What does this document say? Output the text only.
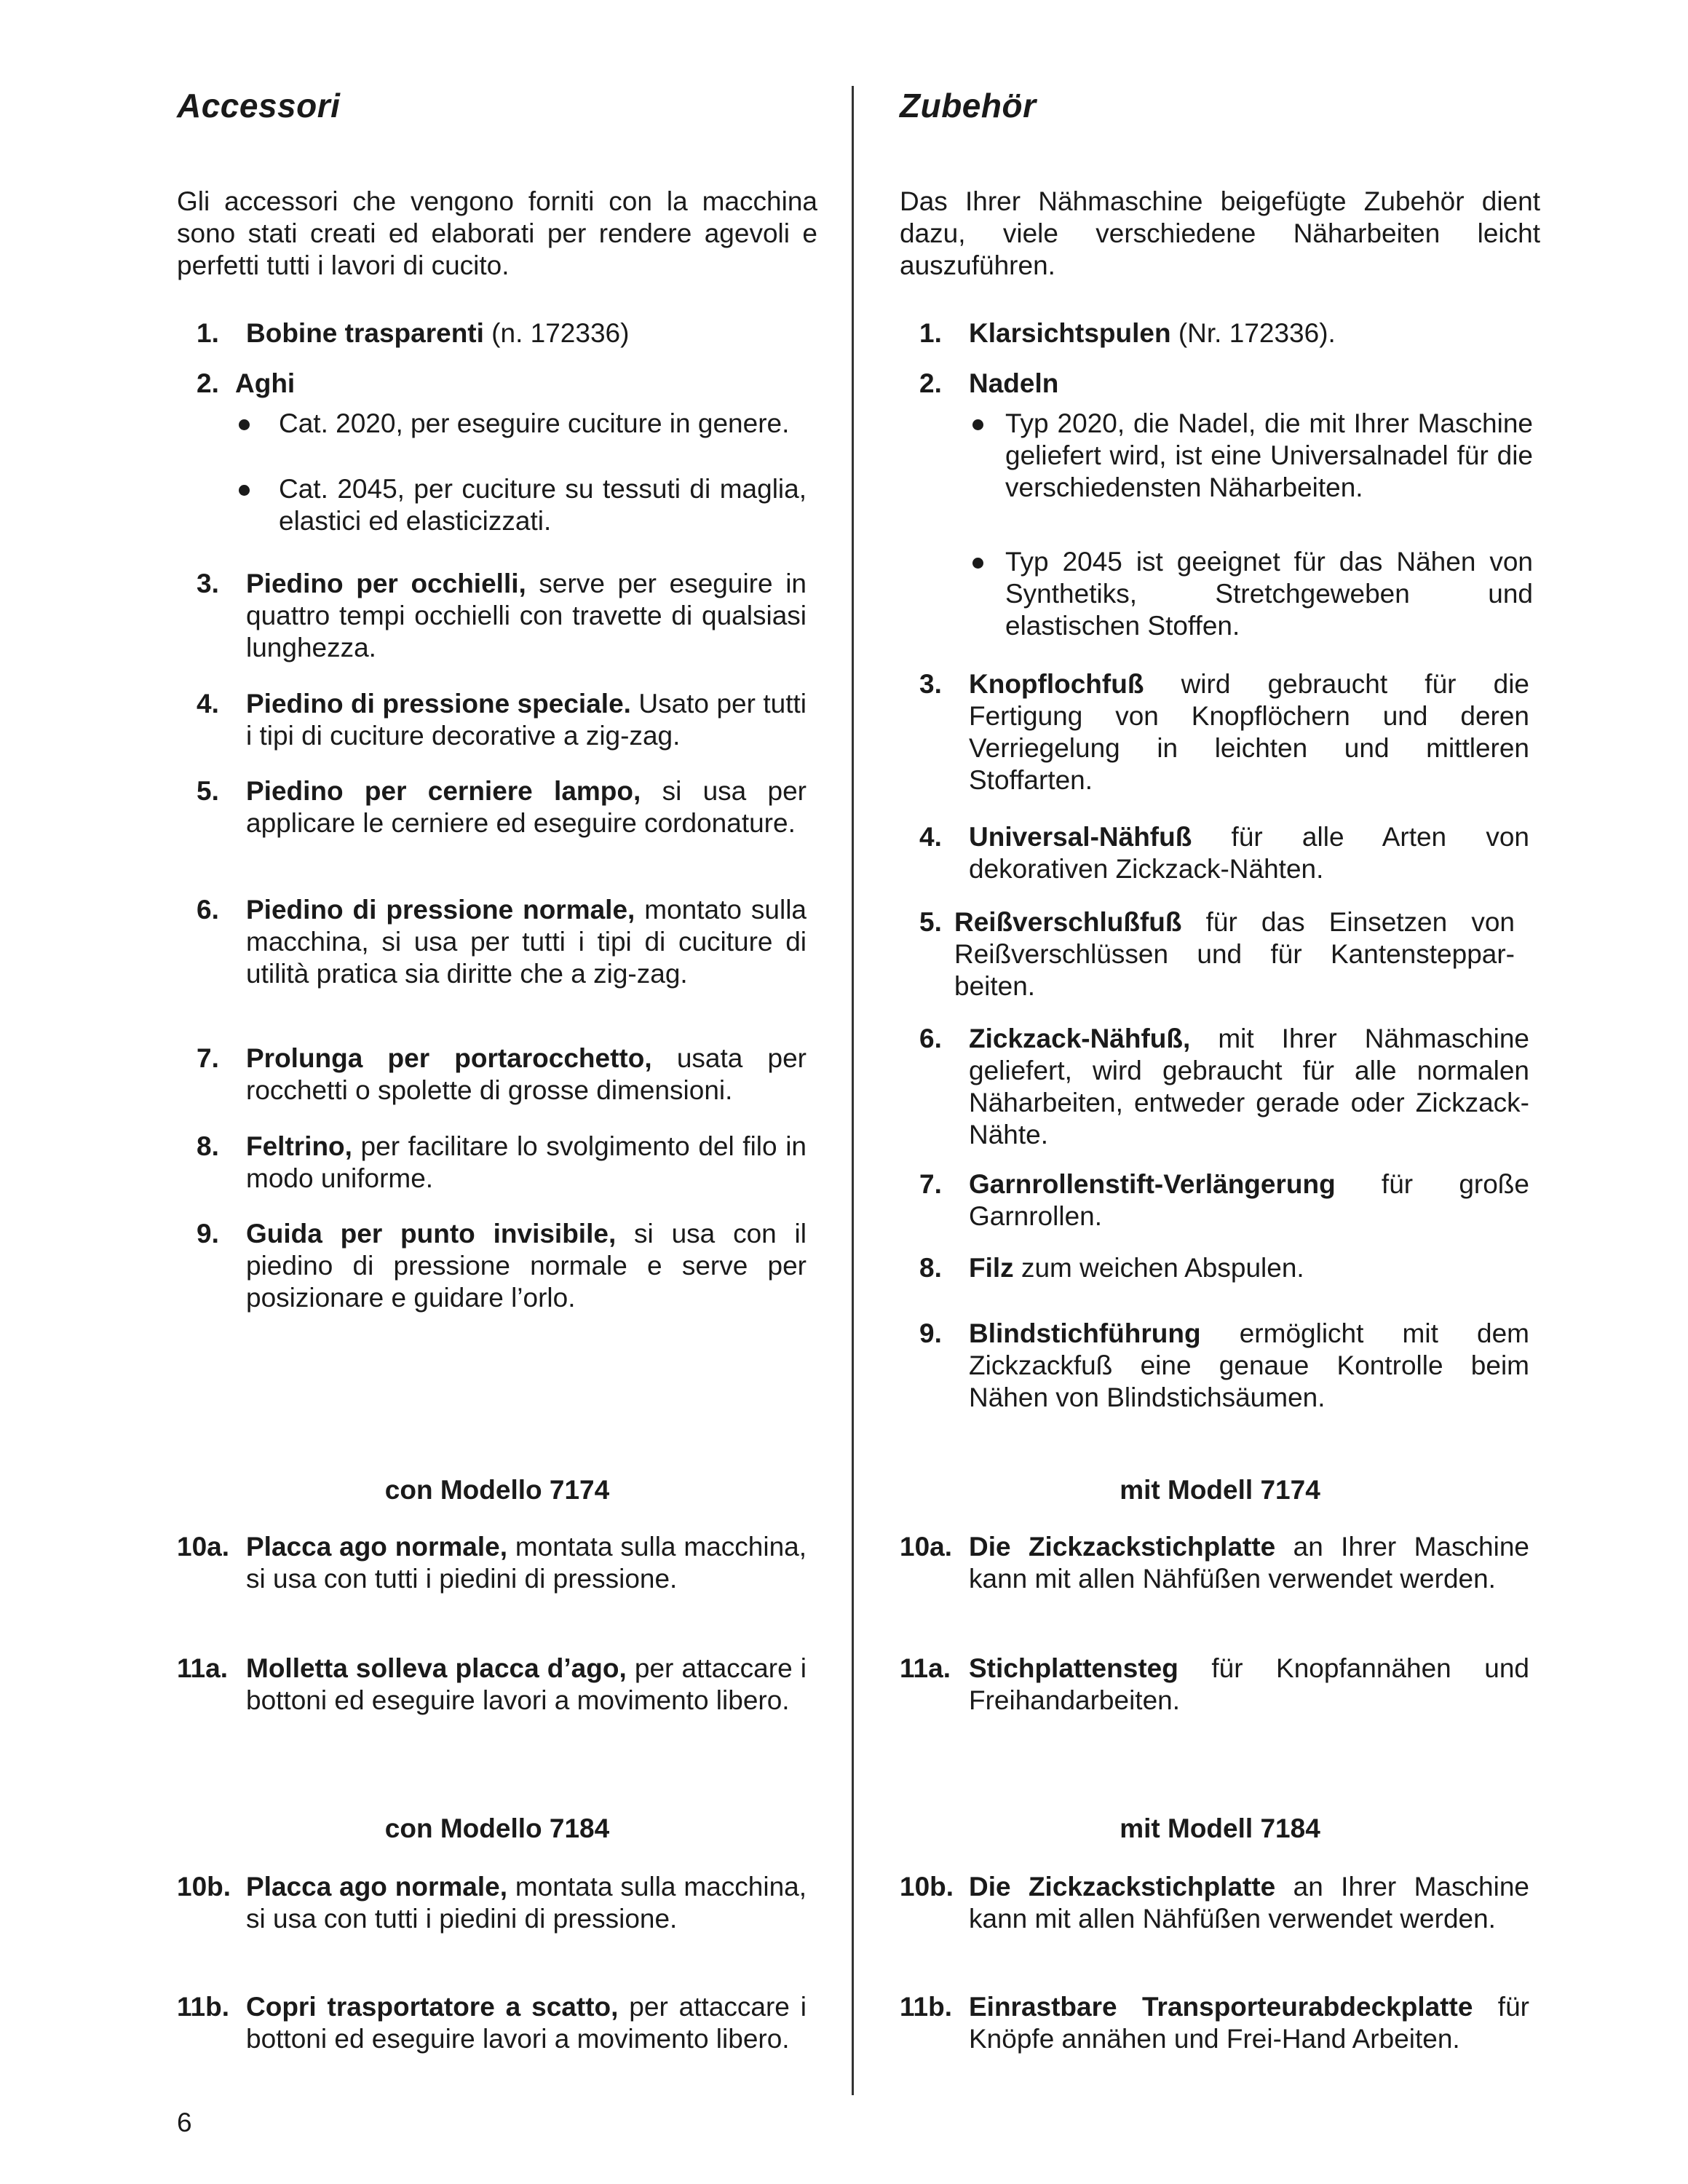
Accessori
Gli accessori che vengono forniti con la macchina sono stati creati ed elaborati per rendere agevoli e perfetti tutti i lavori di cucito.
1. Bobine trasparenti (n. 172336)
2. Aghi
Cat. 2020, per eseguire cuciture in genere.
Cat. 2045, per cuciture su tessuti di maglia, elastici ed elasticizzati.
3. Piedino per occhielli, serve per eseguire in quattro tempi occhielli con travette di qualsiasi lunghezza.
4. Piedino di pressione speciale. Usato per tutti i tipi di cuciture decorative a zig-zag.
5. Piedino per cerniere lampo, si usa per applicare le cerniere ed eseguire cordonature.
6. Piedino di pressione normale, montato sulla macchina, si usa per tutti i tipi di cuciture di utilità pratica sia diritte che a zig-zag.
7. Prolunga per portarocchetto, usata per rocchetti o spolette di grosse dimensioni.
8. Feltrino, per facilitare lo svolgimento del filo in modo uniforme.
9. Guida per punto invisibile, si usa con il piedino di pressione normale e serve per posizionare e guidare l’orlo.
con Modello 7174
10a. Placca ago normale, montata sulla macchina, si usa con tutti i piedini di pressione.
11a. Molletta solleva placca d’ago, per attaccare i bottoni ed eseguire lavori a movimento libero.
con Modello 7184
10b. Placca ago normale, montata sulla macchina, si usa con tutti i piedini di pressione.
11b. Copri trasportatore a scatto, per attaccare i bottoni ed eseguire lavori a movimento libero.
Zubehör
Das Ihrer Nähmaschine beigefügte Zubehör dient dazu, viele verschiedene Näharbeiten leicht auszuführen.
1. Klarsichtspulen (Nr. 172336).
2. Nadeln
Typ 2020, die Nadel, die mit Ihrer Maschine geliefert wird, ist eine Universalnadel für die verschiedensten Näharbeiten.
Typ 2045 ist geeignet für das Nähen von Synthetiks, Stretchgeweben und elastischen Stoffen.
3. Knopflochfuß wird gebraucht für die Fertigung von Knopflöchern und deren Verriegelung in leichten und mittleren Stoffarten.
4. Universal-Nähfuß für alle Arten von dekorativen Zickzack-Nähten.
5. Reißverschlußfuß für das Einsetzen von Reißverschlüssen und für Kantenstepparbeiten.
6. Zickzack-Nähfuß, mit Ihrer Nähmaschine geliefert, wird gebraucht für alle normalen Näharbeiten, entweder gerade oder Zickzack-Nähte.
7. Garnrollenstift-Verlängerung für große Garnrollen.
8. Filz zum weichen Abspulen.
9. Blindstichführung ermöglicht mit dem Zickzackfuß eine genaue Kontrolle beim Nähen von Blindstichsäumen.
mit Modell 7174
10a. Die Zickzackstichplatte an Ihrer Maschine kann mit allen Nähfüßen verwendet werden.
11a. Stichplattensteg für Knopfannähen und Freihandarbeiten.
mit Modell 7184
10b. Die Zickzackstichplatte an Ihrer Maschine kann mit allen Nähfüßen verwendet werden.
11b. Einrastbare Transporteurabdeckplatte für Knöpfe annähen und Frei-Hand Arbeiten.
6
